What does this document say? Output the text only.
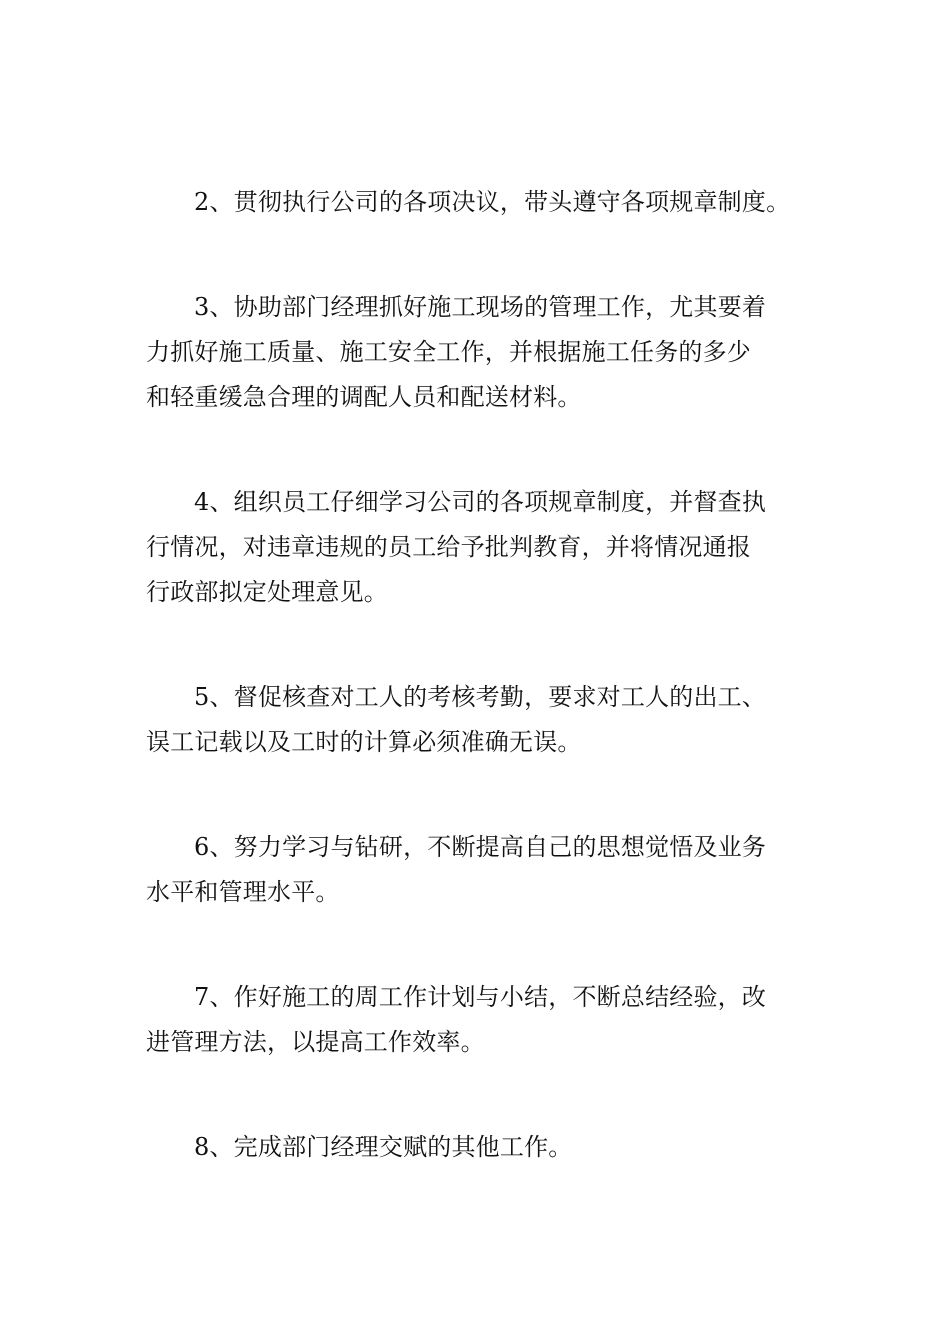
2、贯彻执行公司的各项决议，带头遵守各项规章制度。

3、协助部门经理抓好施工现场的管理工作，尤其要着
力抓好施工质量、施工安全工作，并根据施工任务的多少
和轻重缓急合理的调配人员和配送材料。

4、组织员工仔细学习公司的各项规章制度，并督查执
行情况，对违章违规的员工给予批判教育，并将情况通报
行政部拟定处理意见。

5、督促核查对工人的考核考勤，要求对工人的出工、
误工记载以及工时的计算必须准确无误。

6、努力学习与钻研，不断提高自己的思想觉悟及业务
水平和管理水平。

7、作好施工的周工作计划与小结，不断总结经验，改
进管理方法，以提高工作效率。

8、完成部门经理交赋的其他工作。
